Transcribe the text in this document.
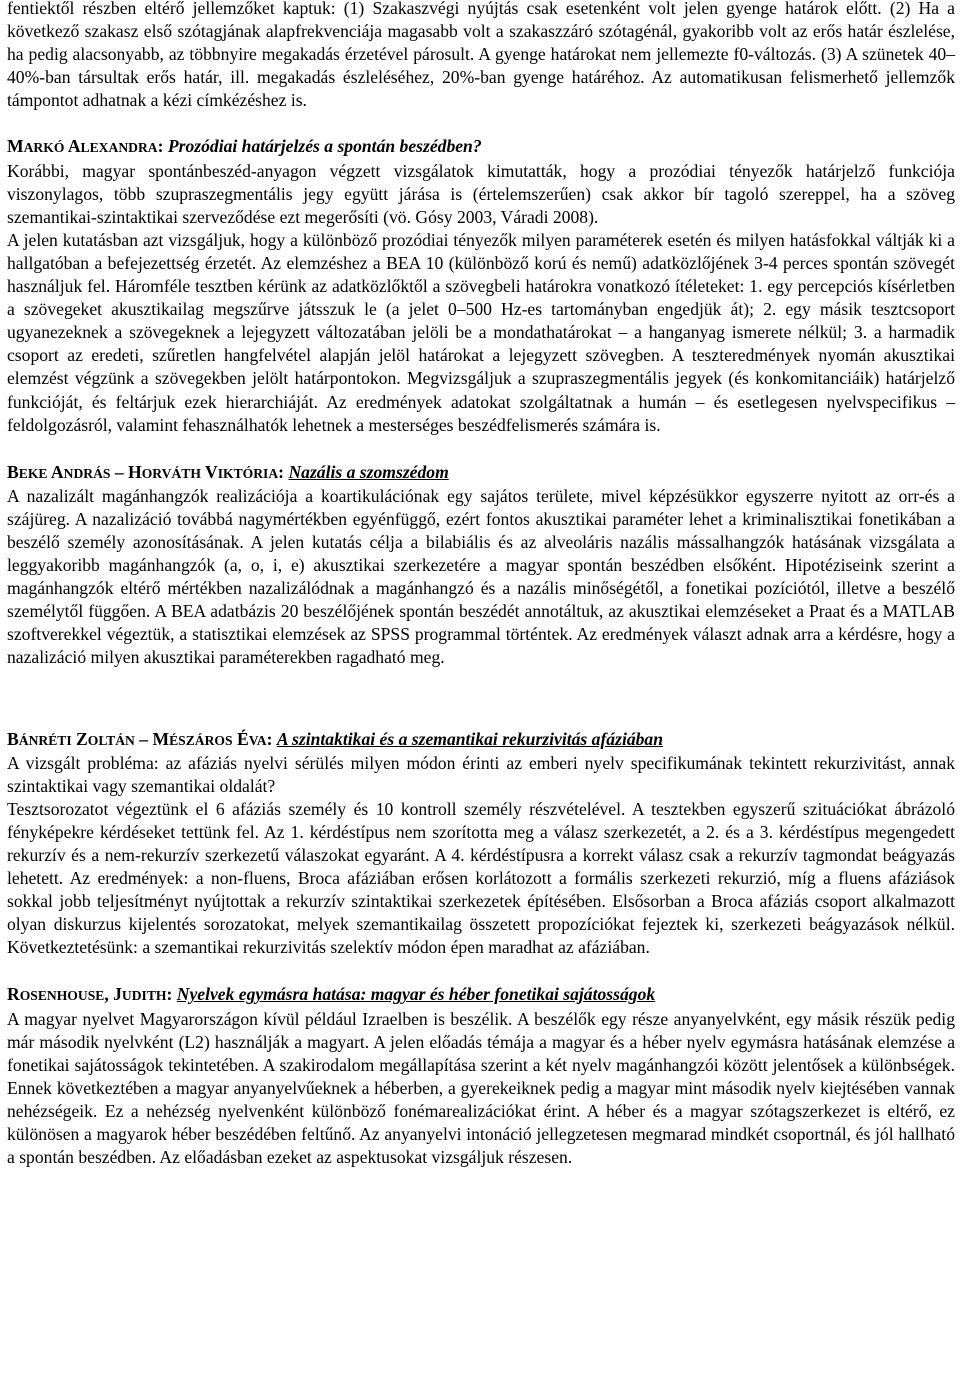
fentiektől részben eltérő jellemzőket kaptuk: (1) Szakaszvégi nyújtás csak esetenként volt jelen gyenge határok előtt. (2) Ha a következő szakasz első szótagjának alapfrekvenciája magasabb volt a szakaszzáró szótagénál, gyakoribb volt az erős határ észlelése, ha pedig alacsonyabb, az többnyire megakadás érzetével párosult. A gyenge határokat nem jellemezte f0-változás. (3) A szünetek 40–40%-ban társultak erős határ, ill. megakadás észleléséhez, 20%-ban gyenge határéhoz. Az automatikusan felismerhető jellemzők támpontot adhatnak a kézi címkézéshez is.

MARKÓ ALEXANDRA: Prozódiai határjelzés a spontán beszédben?

Korábbi, magyar spontánbeszéd-anyagon végzett vizsgálatok kimutatták, hogy a prozódiai tényezők határjelző funkciója viszonylagos, több szupraszegmentális jegy együtt járása is (értelemszerűen) csak akkor bír tagoló szereppel, ha a szöveg szemantikai-szintaktikai szerveződése ezt megerősíti (vö. Gósy 2003, Váradi 2008).
A jelen kutatásban azt vizsgáljuk, hogy a különböző prozódiai tényezők milyen paraméterek esetén és milyen hatásfokkal váltják ki a hallgatóban a befejezettség érzetét. Az elemzéshez a BEA 10 (különböző korú és nemű) adatközlőjének 3-4 perces spontán szövegét használjuk fel. Háromféle tesztben kérünk az adatközlőktől a szövegbeli határokra vonatkozó ítéleteket: 1. egy percepciós kísérletben a szövegeket akusztikailag megszűrve játsszuk le (a jelet 0–500 Hz-es tartományban engedjük át); 2. egy másik tesztcsoport ugyanezeknek a szövegeknek a lejegyzett változatában jelöli be a mondathatárokat – a hanganyag ismerete nélkül; 3. a harmadik csoport az eredeti, szűretlen hangfelvétel alapján jelöl határokat a lejegyzett szövegben. A teszteredmények nyomán akusztikai elemzést végzünk a szövegekben jelölt határpontokon. Megvizsgáljuk a szupraszegmentális jegyek (és konkomitanciáik) határjelző funkcióját, és feltárjuk ezek hierarchiáját. Az eredmények adatokat szolgáltatnak a humán – és esetlegesen nyelvspecifikus – feldolgozásról, valamint fehasználhatók lehetnek a mesterséges beszédfelismerés számára is.

BEKE ANDRÁS – HORVÁTH VIKTÓRIA: Nazális a szomszédom

A nazalizált magánhangzók realizációja a koartikulációnak egy sajátos területe, mivel képzésükkor egyszerre nyitott az orr-és a szájüreg. A nazalizáció továbbá nagymértékben egyénfüggő, ezért fontos akusztikai paraméter lehet a kriminalisztikai fonetikában a beszélő személy azonosításának. A jelen kutatás célja a bilabiális és az alveoláris nazális mássalhangzók hatásának vizsgálata a leggyakoribb magánhangzók (a, o, i, e) akusztikai szerkezetére a magyar spontán beszédben elsőként. Hipotéziseink szerint a magánhangzók eltérő mértékben nazalizálódnak a magánhangzó és a nazális minőségétől, a fonetikai pozíciótól, illetve a beszélő személytől függően. A BEA adatbázis 20 beszélőjének spontán beszédét annotáltuk, az akusztikai elemzéseket a Praat és a MATLAB szoftverekkel végeztük, a statisztikai elemzések az SPSS programmal történtek. Az eredmények választ adnak arra a kérdésre, hogy a nazalizáció milyen akusztikai paraméterekben ragadható meg.

BÁNRÉTI ZOLTÁN – MÉSZÁROS ÉVA: A szintaktikai és a szemantikai rekurzivitás afáziában

A vizsgált probléma: az afáziás nyelvi sérülés milyen módon érinti az emberi nyelv specifikumának tekintett rekurzivitást, annak szintaktikai vagy szemantikai oldalát?
Tesztsorozatot végeztünk el 6 afáziás személy és 10 kontroll személy részvételével. A tesztekben egyszerű szituációkat ábrázoló fényképekre kérdéseket tettünk fel. Az 1. kérdéstípus nem szorította meg a válasz szerkezetét, a 2. és a 3. kérdéstípus megengedett rekurzív és a nem-rekurzív szerkezetű válaszokat egyaránt. A 4. kérdéstípusra a korrekt válasz csak a rekurzív tagmondat beágyazás lehetett. Az eredmények: a non-fluens, Broca afáziában erősen korlátozott a formális szerkezeti rekurzió, míg a fluens afáziások sokkal jobb teljesítményt nyújtottak a rekurzív szintaktikai szerkezetek építésében. Elsősorban a Broca afáziás csoport alkalmazott olyan diskurzus kijelentés sorozatokat, melyek szemantikailag összetett propozíciókat fejeztek ki, szerkezeti beágyazások nélkül. Következtetésünk: a szemantikai rekurzivitás szelektív módon épen maradhat az afáziában.

ROSENHOUSE, JUDITH: Nyelvek egymásra hatása: magyar és héber fonetikai sajátosságok

A magyar nyelvet Magyarországon kívül például Izraelben is beszélik. A beszélők egy része anyanyelvként, egy másik részük pedig már második nyelvként (L2) használják a magyart. A jelen előadás témája a magyar és a héber nyelv egymásra hatásának elemzése a fonetikai sajátosságok tekintetében. A szakirodalom megállapítása szerint a két nyelv magánhangzói között jelentősek a különbségek. Ennek következtében a magyar anyanyelvűeknek a héberben, a gyerekeiknek pedig a magyar mint második nyelv kiejtésében vannak nehézségeik. Ez a nehézség nyelvenként különböző fonémarealizációkat érint. A héber és a magyar szótagszerkezet is eltérő, ez különösen a magyarok héber beszédében feltűnő. Az anyanyelvi intonáció jellegzetesen megmarad mindkét csoportnál, és jól hallható a spontán beszédben. Az előadásban ezeket az aspektusokat vizsgáljuk részesen.
